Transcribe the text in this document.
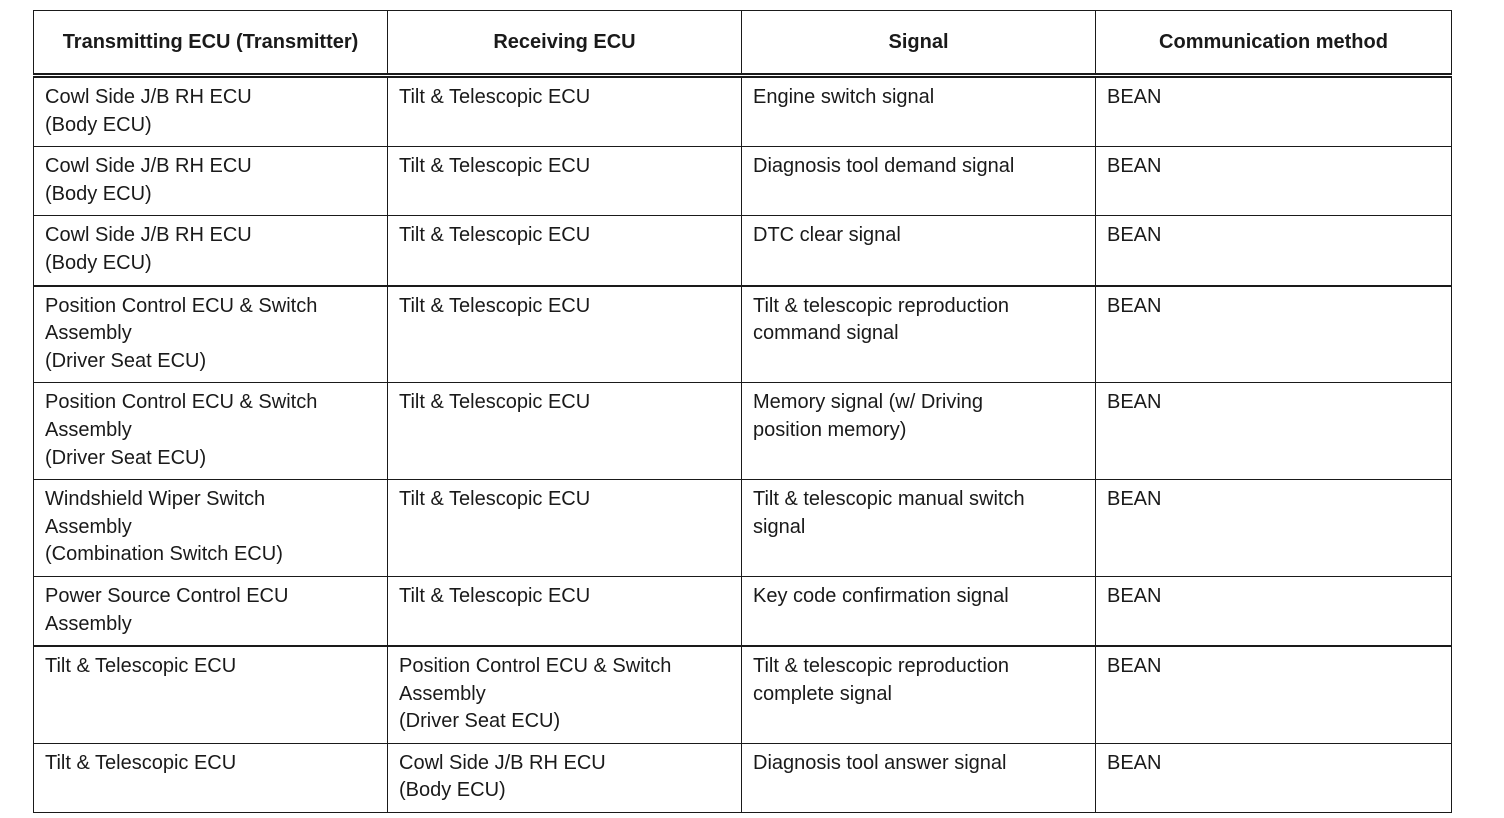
Transmitting ECU (Transmitter)	Receiving ECU	Signal	Communication method

Cowl Side J/B RH ECU
(Body ECU)	Tilt & Telescopic ECU	Engine switch signal	BEAN

Cowl Side J/B RH ECU
(Body ECU)	Tilt & Telescopic ECU	Diagnosis tool demand signal	BEAN

Cowl Side J/B RH ECU
(Body ECU)	Tilt & Telescopic ECU	DTC clear signal	BEAN

Position Control ECU & Switch
Assembly
(Driver Seat ECU)	Tilt & Telescopic ECU	Tilt & telescopic reproduction
command signal	BEAN

Position Control ECU & Switch
Assembly
(Driver Seat ECU)	Tilt & Telescopic ECU	Memory signal (w/ Driving
position memory)	BEAN

Windshield Wiper Switch
Assembly
(Combination Switch ECU)	Tilt & Telescopic ECU	Tilt & telescopic manual switch
signal	BEAN

Power Source Control ECU
Assembly	Tilt & Telescopic ECU	Key code confirmation signal	BEAN

Tilt & Telescopic ECU	Position Control ECU & Switch
Assembly
(Driver Seat ECU)	Tilt & telescopic reproduction
complete signal	BEAN

Tilt & Telescopic ECU	Cowl Side J/B RH ECU
(Body ECU)	Diagnosis tool answer signal	BEAN
